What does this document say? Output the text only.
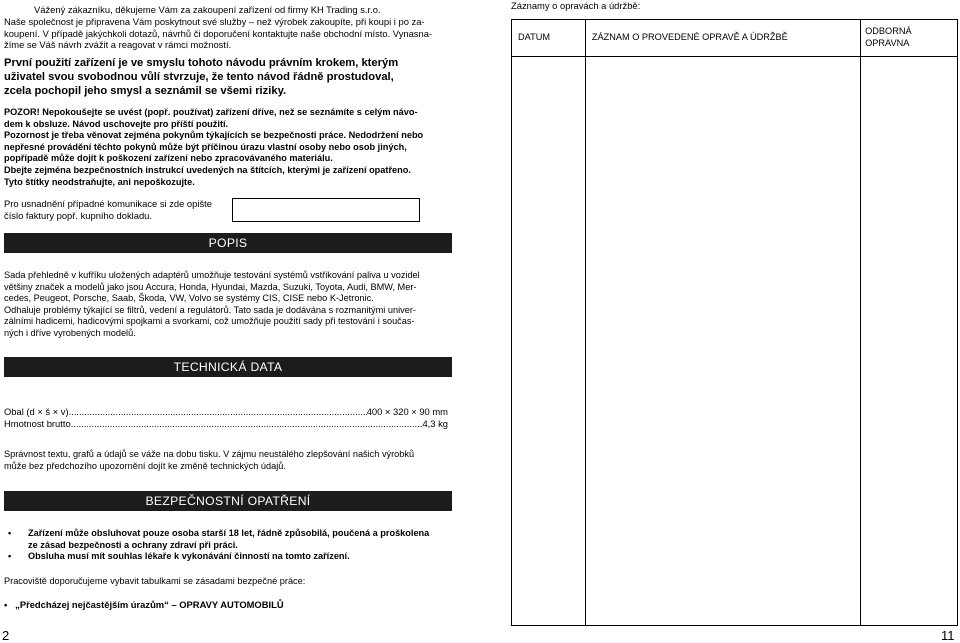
Vážený zákazníku, děkujeme Vám za zakoupení zařízení od firmy KH Trading s.r.o.
Naše společnost je připravena Vám poskytnout své služby – než výrobek zakoupíte, při koupi i po za-
koupení. V případě jakýchkoli dotazů, návrhů či doporučení kontaktujte naše obchodní místo. Vynasna-
žíme se Váš návrh zvážit a reagovat v rámci možností.
První použití zařízení je ve smyslu tohoto návodu právním krokem, kterým
uživatel svou svobodnou vůlí stvrzuje, že tento návod řádně prostudoval,
zcela pochopil jeho smysl a seznámil se všemi riziky.
POZOR! Nepokoušejte se uvést (popř. používat) zařízení dříve, než se seznámíte s celým návo-
dem k obsluze. Návod uschovejte pro příští použití.
Pozornost je třeba věnovat zejména pokynům týkajících se bezpečnosti práce. Nedodržení nebo
nepřesné provádění těchto pokynů může být příčinou úrazu vlastní osoby nebo osob jiných,
popřípadě může dojít k poškození zařízení nebo zpracovávaného materiálu.
Dbejte zejména bezpečnostních instrukcí uvedených na štítcích, kterými je zařízení opatřeno.
Tyto štítky neodstraňujte, ani nepoškozujte.
Pro usnadnění případné komunikace si zde opište
číslo faktury popř. kupního dokladu.
POPIS
Sada přehledně v kufříku uložených adaptérů umožňuje testování systémů vstřikování paliva u vozidel
většiny značek a modelů jako jsou Accura, Honda, Hyundai, Mazda, Suzuki, Toyota, Audi, BMW, Mer-
cedes, Peugeot, Porsche, Saab, Škoda, VW, Volvo se systémy CIS, CISE nebo K-Jetronic.
Odhaluje problémy týkající se filtrů, vedení a regulátorů. Tato sada je dodávána s rozmanitými univer-
zálními hadicemi, hadicovými spojkami a svorkami, což umožňuje použití sady při testování i součas-
ných i dříve vyrobených modelů.
TECHNICKÁ DATA
Obal (d × š × v) .....	400 × 320 × 90 mm
Hmotnost brutto .....	4,3 kg
Správnost textu, grafů a údajů se váže na dobu tisku. V zájmu neustálého zlepšování našich výrobků
může bez předchozího upozornění dojít ke změně technických údajů.
BEZPEČNOSTNÍ OPATŘENÍ
• Zařízení může obsluhovat pouze osoba starší 18 let, řádně způsobilá, poučená a proškolena
ze zásad bezpečnosti a ochrany zdraví při práci.
• Obsluha musí mít souhlas lékaře k vykonávání činností na tomto zařízení.
Pracoviště doporučujeme vybavit tabulkami se zásadami bezpečné práce:
• „Předcházej nejčastějším úrazům“ – OPRAVY AUTOMOBILŮ
2
Záznamy o opravách a údržbě:
DATUM	ZÁZNAM O PROVEDENÉ OPRAVĚ A ÚDRŽBĚ	ODBORNÁ OPRAVNA

11
